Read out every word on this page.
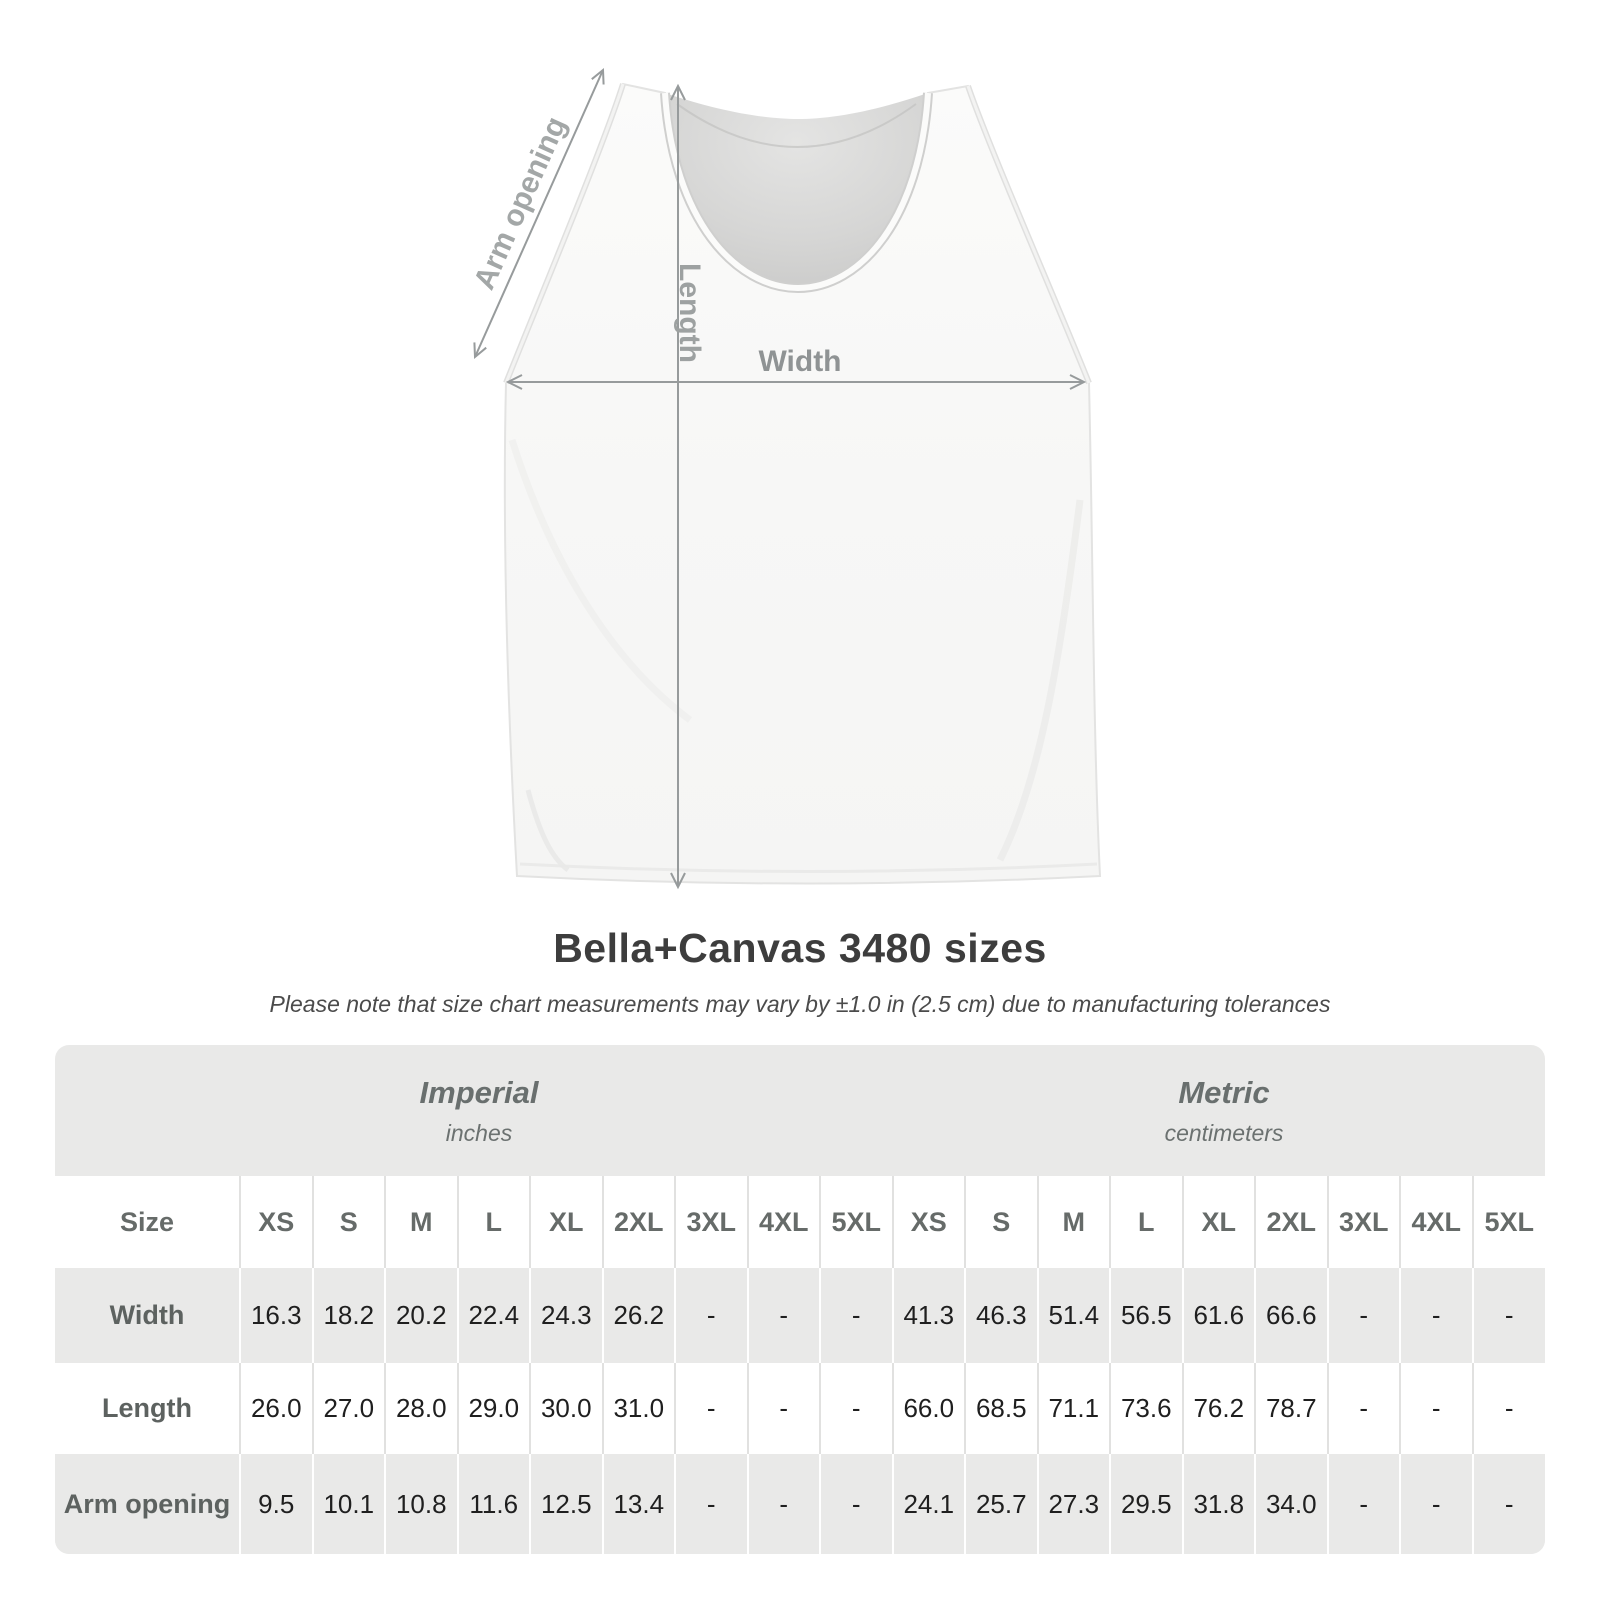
Arm opening
Length Width
Bella+Canvas 3480 sizes
Please note that size chart measurements may vary by ±1.0 in (2.5 cm) due to manufacturing tolerances
Imperial
inches
Metric
centimeters
Size	XS	S	M	L	XL	2XL	3XL	4XL	5XL	XS	S	M	L	XL	2XL	3XL	4XL	5XL
Width	16.3	18.2	20.2	22.4	24.3	26.2	-	-	-	41.3	46.3	51.4	56.5	61.6	66.6	-	-	-
Length	26.0	27.0	28.0	29.0	30.0	31.0	-	-	-	66.0	68.5	71.1	73.6	76.2	78.7	-	-	-
Arm opening	9.5	10.1	10.8	11.6	12.5	13.4	-	-	-	24.1	25.7	27.3	29.5	31.8	34.0	-	-	-
